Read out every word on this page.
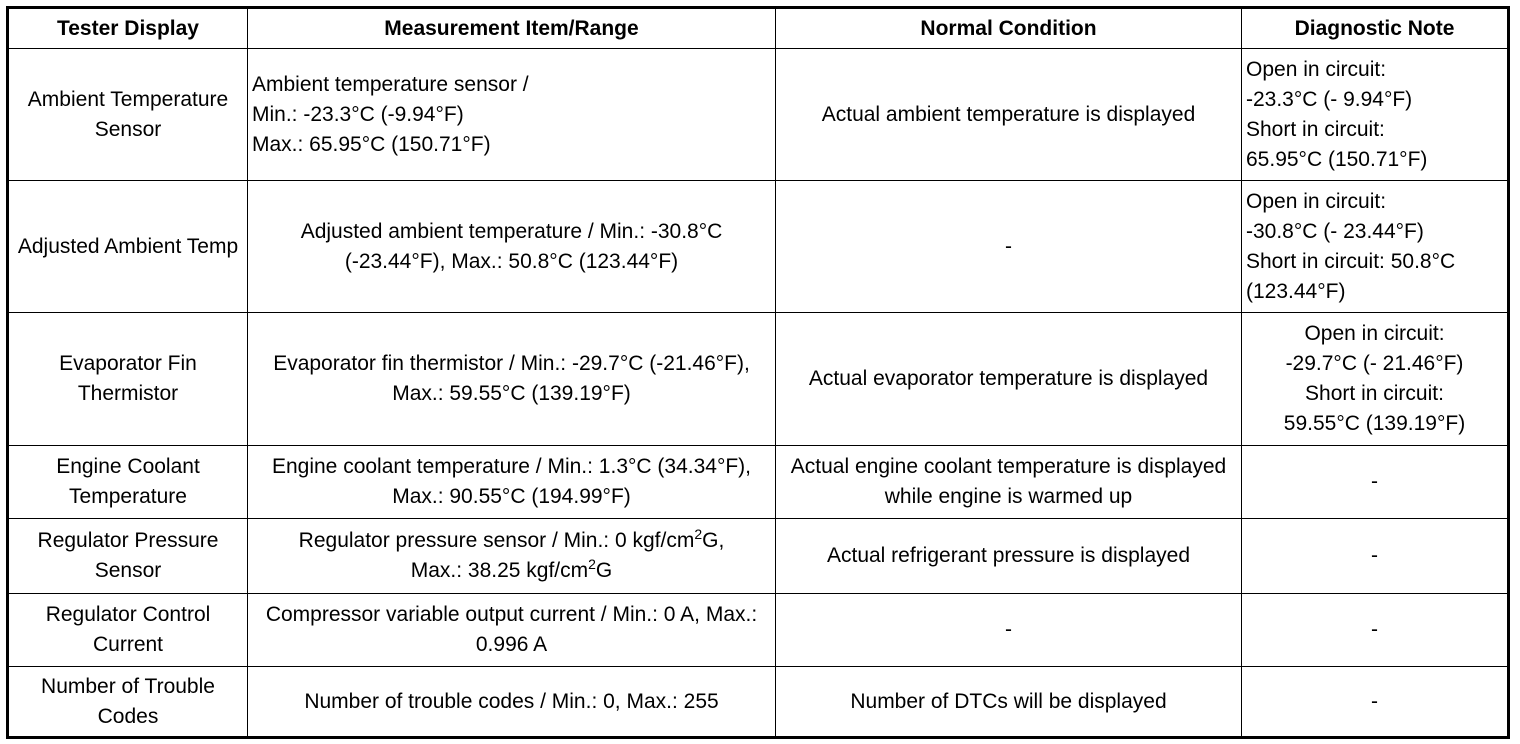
Tester Display	Measurement Item/Range	Normal Condition	Diagnostic Note
Ambient Temperature Sensor	Ambient temperature sensor /
Min.: -23.3°C (-9.94°F)
Max.: 65.95°C (150.71°F)	Actual ambient temperature is displayed	Open in circuit:
-23.3°C (- 9.94°F)
Short in circuit:
65.95°C (150.71°F)

Adjusted Ambient Temp	Adjusted ambient temperature / Min.: -30.8°C (-23.44°F), Max.: 50.8°C (123.44°F)	-	Open in circuit:
-30.8°C (- 23.44°F)
Short in circuit: 50.8°C
(123.44°F)

Evaporator Fin Thermistor	Evaporator fin thermistor / Min.: -29.7°C (-21.46°F), Max.: 59.55°C (139.19°F)	Actual evaporator temperature is displayed	Open in circuit:
-29.7°C (- 21.46°F)
Short in circuit:
59.55°C (139.19°F)

Engine Coolant Temperature	Engine coolant temperature / Min.: 1.3°C (34.34°F), Max.: 90.55°C (194.99°F)	Actual engine coolant temperature is displayed while engine is warmed up	-
Regulator Pressure Sensor	Regulator pressure sensor / Min.: 0 kgf/$cm^2G$,
Max.: 38.25 kgf/$cm^2G$	Actual refrigerant pressure is displayed	-
Regulator Control Current	Compressor variable output current / Min.: 0 A, Max.: 0.996 A	-	-
Number of Trouble Codes	Number of trouble codes / Min.: 0, Max.: 255	Number of DTCs will be displayed	-
